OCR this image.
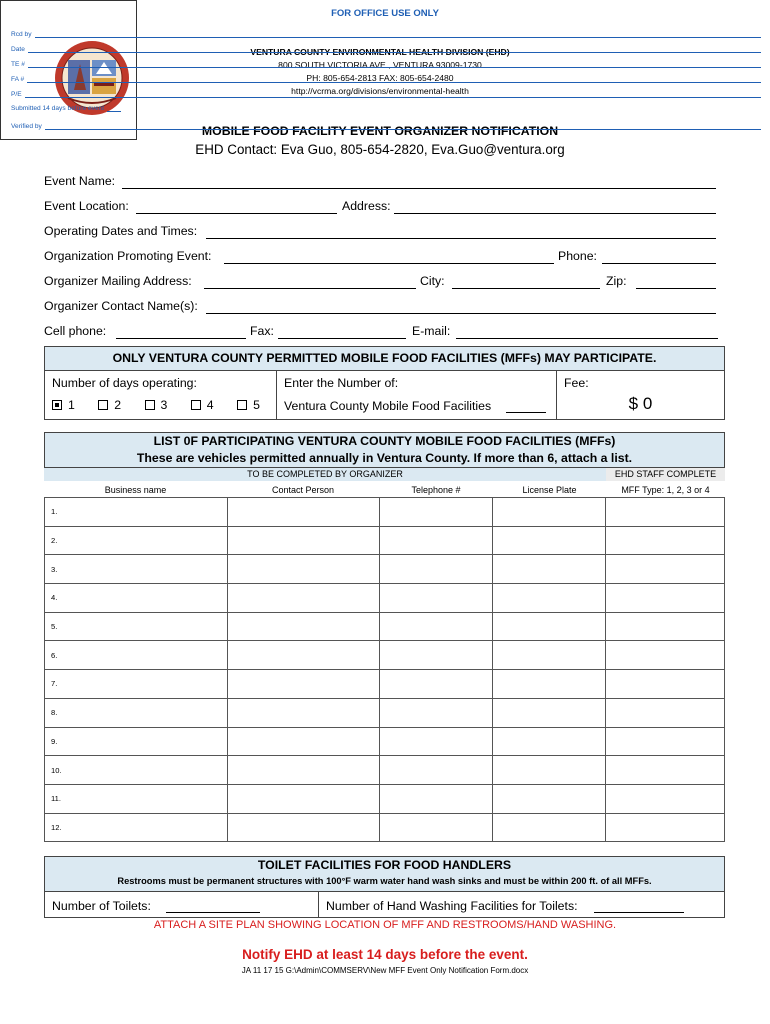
VENTURA COUNTY ENVIRONMENTAL HEALTH DIVISION (EHD)
800 SOUTH VICTORIA AVE., VENTURA 93009-1730
PH: 805-654-2813 FAX: 805-654-2480
http://vcrma.org/divisions/environmental-health
MOBILE FOOD FACILITY EVENT ORGANIZER NOTIFICATION
EHD Contact: Eva Guo, 805-654-2820, Eva.Guo@ventura.org
FOR OFFICE USE ONLY
Rcd by
Date
TE #
FA #
P/E
Submitted 14 days before event
Verified by
Event Name:
Event Location:	Address:
Operating Dates and Times:
Organization Promoting Event:	Phone:
Organizer Mailing Address:	City:	Zip:
Organizer Contact Name(s):
Cell phone:	Fax:	E-mail:
ONLY VENTURA COUNTY PERMITTED MOBILE FOOD FACILITIES (MFFs) MAY PARTICIPATE.
Number of days operating:
1	2	3	4	5
Enter the Number of:
Ventura County Mobile Food Facilities
Fee:
$ 0
LIST 0F PARTICIPATING VENTURA COUNTY MOBILE FOOD FACILITIES (MFFs)
These are vehicles permitted annually in Ventura County. If more than 6, attach a list.
TO BE COMPLETED BY ORGANIZER	EHD STAFF COMPLETE
Business name	Contact Person	Telephone #	License Plate	MFF Type: 1, 2, 3 or 4
1.				
2.				
3.				
4.				
5.				
6.				
7.				
8.				
9.				
10.				
11.				
12.				
TOILET FACILITIES FOR FOOD HANDLERS
Restrooms must be permanent structures with 100°F warm water hand wash sinks and must be within 200 ft. of all MFFs.
Number of Toilets:	Number of Hand Washing Facilities for Toilets:
ATTACH A SITE PLAN SHOWING LOCATION OF MFF AND RESTROOMS/HAND WASHING.
Notify EHD at least 14 days before the event.
JA 11 17 15 G:\Admin\COMMSERV\New MFF Event Only Notification Form.docx
